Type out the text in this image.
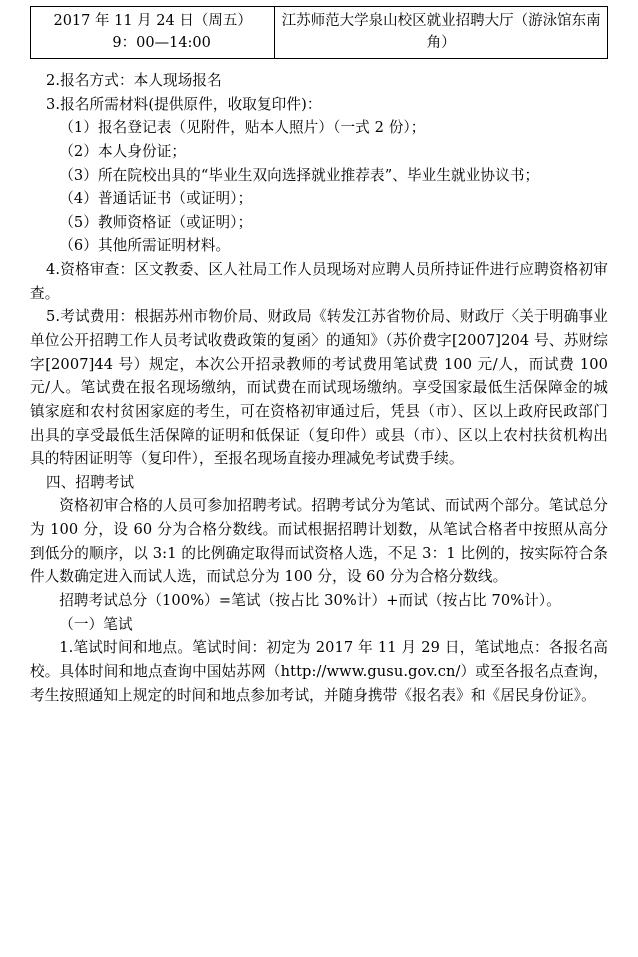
2017 年 11 月 24 日（周五）
9：00—14:00
	江苏师范大学泉山校区就业招聘大厅（游泳馆东南角）

2.报名方式：本人现场报名

3.报名所需材料(提供原件，收取复印件)：

（1）报名登记表（见附件，贴本人照片）（一式 2 份）；

（2）本人身份证；

（3）所在院校出具的“毕业生双向选择就业推荐表”、毕业生就业协议书；

（4）普通话证书（或证明）；

（5）教师资格证（或证明）；

（6）其他所需证明材料。

4.资格审查：区文教委、区人社局工作人员现场对应聘人员所持证件进行应聘资格初审查。

5.考试费用：根据苏州市物价局、财政局《转发江苏省物价局、财政厅〈关于明确事业单位公开招聘工作人员考试收费政策的复函〉的通知》（苏价费字[2007]204 号、苏财综字[2007]44 号）规定，本次公开招录教师的考试费用笔试费 100 元/人，而试费 100 元/人。笔试费在报名现场缴纳，而试费在而试现场缴纳。享受国家最低生活保障金的城镇家庭和农村贫困家庭的考生，可在资格初审通过后，凭县（市）、区以上政府民政部门出具的享受最低生活保障的证明和低保证（复印件）或县（市）、区以上农村扶贫机构出具的特困证明等（复印件），至报名现场直接办理减免考试费手续。

四、招聘考试

资格初审合格的人员可参加招聘考试。招聘考试分为笔试、而试两个部分。笔试总分为 100 分，设 60 分为合格分数线。而试根据招聘计划数，从笔试合格者中按照从高分到低分的顺序，以 3:1 的比例确定取得而试资格人选，不足 3：1 比例的，按实际符合条件人数确定进入而试人选，而试总分为 100 分，设 60 分为合格分数线。

招聘考试总分（100%）=笔试（按占比 30%计）+而试（按占比 70%计）。

（一）笔试

1.笔试时间和地点。笔试时间：初定为 2017 年 11 月 29 日，笔试地点：各报名高校。具体时间和地点查询中国姑苏网（http://www.gusu.gov.cn/）或至各报名点查询，考生按照通知上规定的时间和地点参加考试，并随身携带《报名表》和《居民身份证》。
